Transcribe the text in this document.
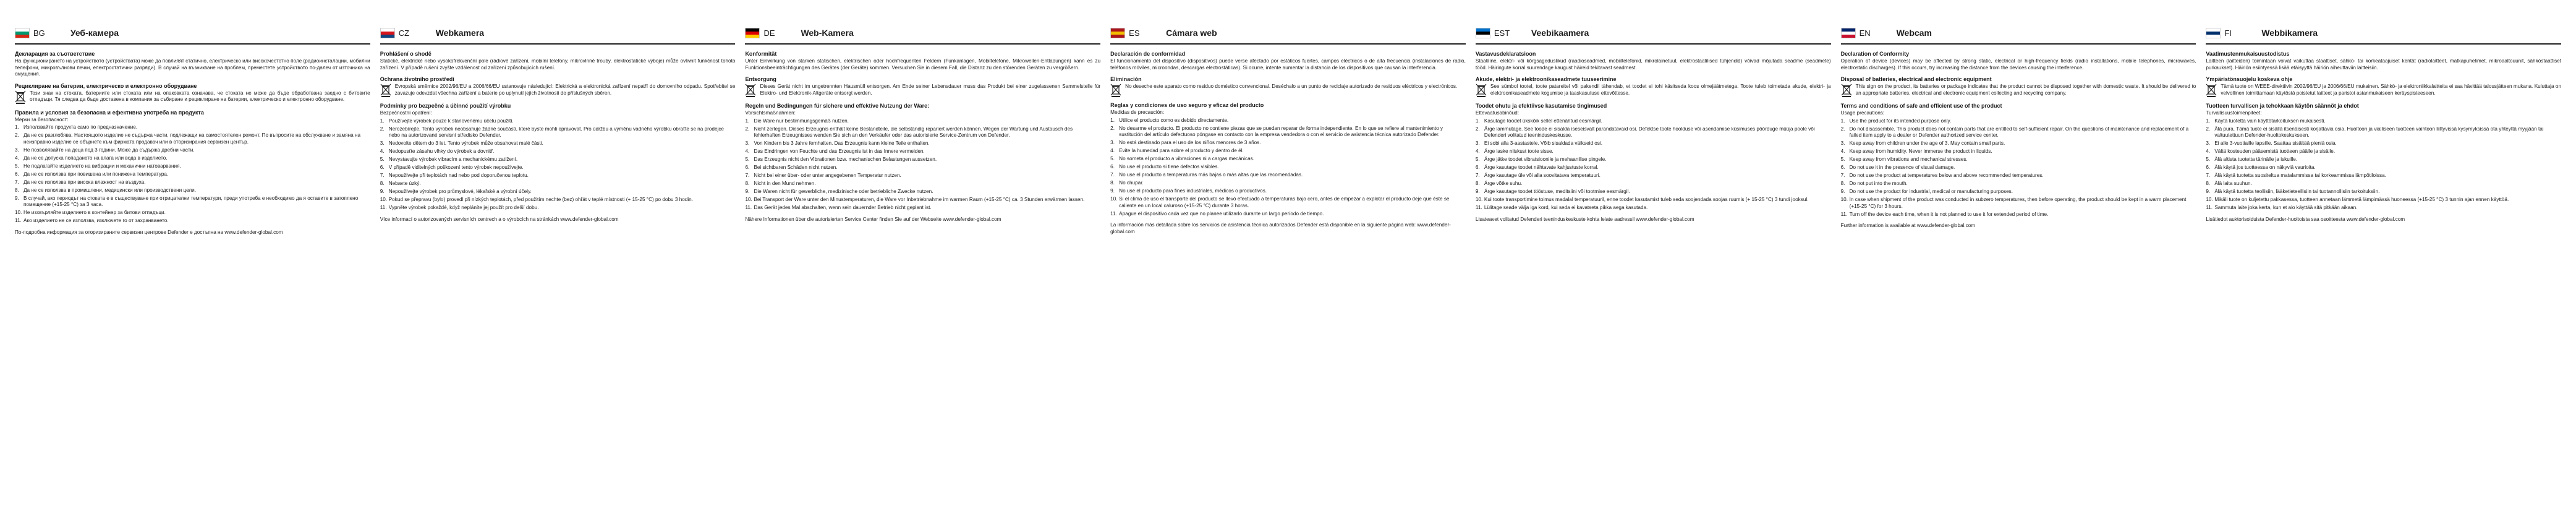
BG	Уеб-камера
Декларация за съответствие

На функционирането на устройството (устройствата) може да повлияят статично, електрическо или високочестотно поле (радиоинсталации, мобилни телефони, микровълнови печки, електростатични разряди). В случай на възникване на проблем, преместете устройството по-далеч от източника на смущения.

Рециклиране на батерии, електрическо и електронно оборудване

Този знак на стоката, батериите или стоката или на опаковката означава, че стоката не може да бъде обработвана заедно с битовите отпадъци. Тя следва да бъде доставена в компания за събиране и рециклиране на батерии, електрическо и електронно оборудване.

Правила и условия за безопасна и ефективна употреба на продукта

Мерки за безопасност:

1. Използвайте продукта само по предназначение.
2. Да не се разглобява. Настоящото изделие не съдържа части, подлежащи на самостоятелен ремонт. По въпросите на обслужване и замяна на неизправно изделие се обърнете към фирмата продавач или в оторизирания сервизен център.
3. Не позволявайте на деца под 3 години. Може да съдържа дребни части.
4. Да не се допуска попадането на влага или вода в изделието.
5. Не подлагайте изделието на вибрации и механични натоварвания.
6. Да не се използва при повишена или понижена температура.
7. Да не се използва при висока влажност на въздуха.
8. Да не се използва в промишлени, медицински или производствени цели.
9. В случай, ако периодът на стоката е в съществуване при отрицателни температури, преди употреба е необходимо да я оставите в затоплено помещение (+15-25 °C) за 3 часа.
10. Не изхвърляйте изделието в контейнер за битови отпадъци.
11. Ако изделието не се използва, изключете го от захранването.
По-подробна информация за оторизираните сервизни центрове Defender е достъпна на www.defender-global.com
CZ	Webkamera
Prohlášení o shodě

Statické, elektrické nebo vysokofrekvenční pole (rádiové zařízení, mobilní telefony, mikrovlnné trouby, elektrostatické výboje) může ovlivnit funkčnost tohoto zařízení. V případě rušení zvyšte vzdálenost od zařízení způsobujících rušení.

Ochrana životního prostředí

Evropská směrnice 2002/96/EU a 2006/66/EU ustanovuje následující: Elektrická a elektronická zařízení nepatří do domovního odpadu. Spotřebitel se zavazuje odevzdat všechna zařízení a baterie po uplynutí jejich životnosti do příslušných sběren.

Podmínky pro bezpečné a účinné použití výrobku

Bezpečnostní opatření:

1. Používejte výrobek pouze k stanovenému účelu použití.
2. Nerozebírejte. Tento výrobek neobsahuje žádné součásti, které byste mohli opravovat. Pro údržbu a výměnu vadného výrobku obraťte se na prodejce nebo na autorizované servisní středisko Defender.
3. Nedovolte dětem do 3 let. Tento výrobek může obsahovat malé části.
4. Nedopusťte zásahu vlhky do výrobek a dovnitř.
5. Nevystavujte výrobek vibracím a mechanickému zatížení.
6. V případě viditelných poškození tento výrobek nepoužívejte.
7. Nepoužívejte při teplotách nad nebo pod doporučenou teplotu.
8. Nebavte úzký.
9. Nepoužívejte výrobek pro průmyslové, lékařské a výrobní účely.
10. Pokud se přepravu (bylo) provedl při nízkých teplotách, před použitím nechte (bez) ohřát v teplé místnosti (+ 15-25 °C) po dobu 3 hodin.
11. Vypněte výrobek pokaždé, když nepláníte jej použít pro delší dobu.
Více informací o autorizovaných servisních centrech a o výrobcích na stránkách www.defender-global.com
DE	Web-Kamera
Konformität

Unter Einwirkung von starken statischen, elektrischen oder hochfrequenten Feldern (Funkanlagen, Mobiltelefone, Mikrowellen-Entladungen) kann es zu Funktionsbeeinträchtigungen des Gerätes (der Geräte) kommen. Versuchen Sie in diesem Fall, die Distanz zu den störenden Geräten zu vergrößern.

Entsorgung

Dieses Gerät nicht im ungetrennten Hausmüll entsorgen. Am Ende seiner Lebensdauer muss das Produkt bei einer zugelassenen Sammelstelle für Elektro- und Elektronik-Altgeräte entsorgt werden.

Regeln und Bedingungen für sichere und effektive Nutzung der Ware:

Vorsichtsmaßnahmen:

1. Die Ware nur bestimmungsgemäß nutzen.
2. Nicht zerlegen. Dieses Erzeugnis enthält keine Bestandteile, die selbständig repariert werden können. Wegen der Wartung und Austausch des fehlerhaften Erzeugnisses wenden Sie sich an den Verkäufer oder das autorisierte Service-Zentrum von Defender.
3. Von Kindern bis 3 Jahre fernhalten. Das Erzeugnis kann kleine Teile enthalten.
4. Das Eindringen von Feuchte und das Erzeugnis ist in das Innere vermeiden.
5. Das Erzeugnis nicht den Vibrationen bzw. mechanischen Belastungen aussetzen.
6. Bei sichtbaren Schäden nicht nutzen.
7. Nicht bei einer über- oder unter angegebenen Temperatur nutzen.
8. Nicht in den Mund nehmen.
9. Die Waren nicht für gewerbliche, medizinische oder betriebliche Zwecke nutzen.
10. Bei Transport der Ware unter den Minustemperaturen, die Ware vor Inbetriebnahme im warmen Raum (+15-25 °C) ca. 3 Stunden erwärmen lassen.
11. Das Gerät jedes Mal abschalten, wenn sein dauernder Betrieb nicht geplant ist.
Nähere Informationen über die autorisierten Service Center finden Sie auf der Webseite www.defender-global.com
ES	Cámara web
Declaración de conformidad

El funcionamiento del dispositivo (dispositivos) puede verse afectado por estáticos fuertes, campos eléctricos o de alta frecuencia (instalaciones de radio, teléfonos móviles, microondas, descargas electrostáticas). Si ocurre, intente aumentar la distancia de los dispositivos que causan la interferencia.

Eliminación

No deseche este aparato como residuo doméstico convencional. Deséchalo a un punto de reciclaje autorizado de residuos eléctricos y electrónicos.

Reglas y condiciones de uso seguro y eficaz del producto

Medidas de precaución:

1. Utilice el producto como es debido directamente.
2. No desarme el producto. El producto no contiene piezas que se puedan reparar de forma independiente. En lo que se refiere al mantenimiento y sustitución del artículo defectuoso póngase en contacto con la empresa vendedora o con el servicio de asistencia técnica autorizado Defender.
3. No está destinado para el uso de los niños menores de 3 años.
4. Evite la humedad para sobre el producto y dentro de él.
5. No someta el producto a vibraciones ni a cargas mecánicas.
6. No use el producto si tiene defectos visibles.
7. No use el producto a temperaturas más bajas o más altas que las recomendadas.
8. No chupar.
9. No use el producto para fines industriales, médicos o productivos.
10. Si el clima de uso el transporte del producto se llevó efectuado a temperaturas bajo cero, antes de empezar a explotar el producto deje que éste se caliente en un local caluroso (+15-25 °C) durante 3 horas.
11. Apague el dispositivo cada vez que no planee utilizarlo durante un largo período de tiempo.
La información más detallada sobre los servicios de asistencia técnica autorizados Defender está disponible en la siguiente página web: www.defender-global.com
EST	Veebikaamera
Vastavusdeklaratsioon

Staatiline, elektri- või kõrgsageduslikud (raadioseadmed, mobiiltelefonid, mikrolainetuul, elektrostaatilised tühjendid) võivad mõjutada seadme (seadmete) tööd. Häiringute korral suurendage kaugust häireid tekitavast seadmest.

Akude, elektri- ja elektroonikaseadmete tuuseerimine

See sümbol tootel, toote patareitel või pakendil tähendab, et toodet ei tohi käsitseda koos olmejäätmetega. Tootе tuleb toimetada akude, elektri- ja elektroonikaseadmete kogumise ja taaskasutuse ettevõttesse.

Toodet ohutu ja efektiivse kasutamise tingimused

Ettevaatusabinõud:

1. Kasutage toodet ükskõik sellel ettenähtud eesmärgil.
2. Ärge lammutage. See toode ei sisalda iseseisvalt parandatavaid osi. Defektse toote hoolduse või asendamise küsimuses pöörduge müüja poole või Defenderi volitatud teeninduskeskusse.
3. Ei sobi alla 3-aastastele. Võib sisaldada väikseid osi.
4. Ärge laske niiskust toote sisse.
5. Ärge jätke toodet vibratsioonile ja mehaanilise pingele.
6. Ärge kasutage toodet nähtavate kahjustuste korral.
7. Ärge kasutage üle või alla soovitatava temperatuuri.
8. Ärge võtke suhu.
9. Ärge kasutage toodet tööstuse, meditsiini või tootmise eesmärgil.
10. Kui toote transportimine toimus madalal temperatuuril, enne toodet kasutamist tuleb seda soojendada soojas ruumis (+ 15-25 °C) 3 tundi jooksul.
11. Lülitage seade välja iga kord, kui seda ei kavatseta pikka aega kasutada.
Lisateavet volitatud Defenderi teeninduskeskuste kohta leiate aadressil www.defender-global.com
EN	Webcam
Declaration of Conformity

Operation of device (devices) may be affected by strong static, electrical or high-frequency fields (radio installations, mobile telephones, microwaves, electrostatic discharges). If this occurs, try increasing the distance from the devices causing the interference.

Disposal of batteries, electrical and electronic equipment

This sign on the product, its batteries or package indicates that the product cannot be disposed together with domestic waste. It should be delivered to an appropriate batteries, electrical and electronic equipment collecting and recycling company.

Terms and conditions of safe and efficient use of the product

Usage precautions:

1. Use the product for its intended purpose only.
2. Do not disassemble. This product does not contain parts that are entitled to self-sufficient repair. On the questions of maintenance and replacement of a failed item apply to a dealer or Defender authorized service center.
3. Keep away from children under the age of 3. May contain small parts.
4. Keep away from humidity. Never immerse the product in liquids.
5. Keep away from vibrations and mechanical stresses.
6. Do not use it in the presence of visual damage.
7. Do not use the product at temperatures below and above recommended temperatures.
8. Do not put into the mouth.
9. Do not use the product for industrial, medical or manufacturing purposes.
10. In case when shipment of the product was conducted in subzero temperatures, then before operating, the product should be kept in a warm placement (+15-25 °C) for 3 hours.
11. Turn off the device each time, when it is not planned to use it for extended period of time.
Further information is available at www.defender-global.com
FI	Webbikamera
Vaatimustenmukaisuustodistus

Laitteen (laitteiden) toimintaan voivat vaikuttaa staattiset, sähkö- tai korkeataajuiset kentät (radiolaitteet, matkapuhelimet, mikroaaltouunit, sähköstaattiset purkaukset). Häiriön esiintyessä lisää etäisyyttä häiriön aiheuttaviin laitteisiin.

Ympäristönsuojelu koskeva ohje

Tämä tuote on WEEE-direktiivin 2002/96/EU ja 2006/66/EU mukainen. Sähkö- ja elektroniikkalaitteita ei saa hävittää talousjätteen mukana. Kuluttaja on velvollinen toimittamaan käytöstä poistetut laitteet ja paristot asianmukaiseen keräyspisteeseen.

Tuotteen turvallisen ja tehokkaan käytön säännöt ja ehdot

Turvallisuustoimenpiteet:

1. Käytä tuotetta vain käyttötarkoituksen mukaisesti.
2. Älä pura. Tämä tuote ei sisällä itsenäisesti korjattavia osia. Huoltoon ja vialliseen tuotteen vaihtoon liittyvissä kysymyksissä ota yhteyttä myyjään tai valtuutettuun Defender-huoltokeskukseen.
3. Ei alle 3-vuotiaille lapsille. Saattaa sisältää pieniä osia.
4. Vältä kosteuden pääsemistä tuotteen päälle ja sisälle.
5. Älä altista tuotetta tärinälle ja iskuille.
6. Älä käytä jos tuotteessa on näkyviä vaurioita.
7. Älä käytä tuotetta suositeltua matalammissa tai korkeammissa lämpötiloissa.
8. Älä laita suuhun.
9. Älä käytä tuotetta teollisiin, lääketieteellisiin tai tuotannollisiin tarkoituksiin.
10. Mikäli tuote on kuljetettu pakkasessa, tuotteen annetaan lämmetä lämpimässä huoneessa (+15-25 °C) 3 tunnin ajan ennen käyttöä.
11. Sammuta laite joka kerta, kun et aio käyttää sitä pitkään aikaan.
Lisätiedot auktorisoiduista Defender-huoltoista saa osoitteesta www.defender-global.com
